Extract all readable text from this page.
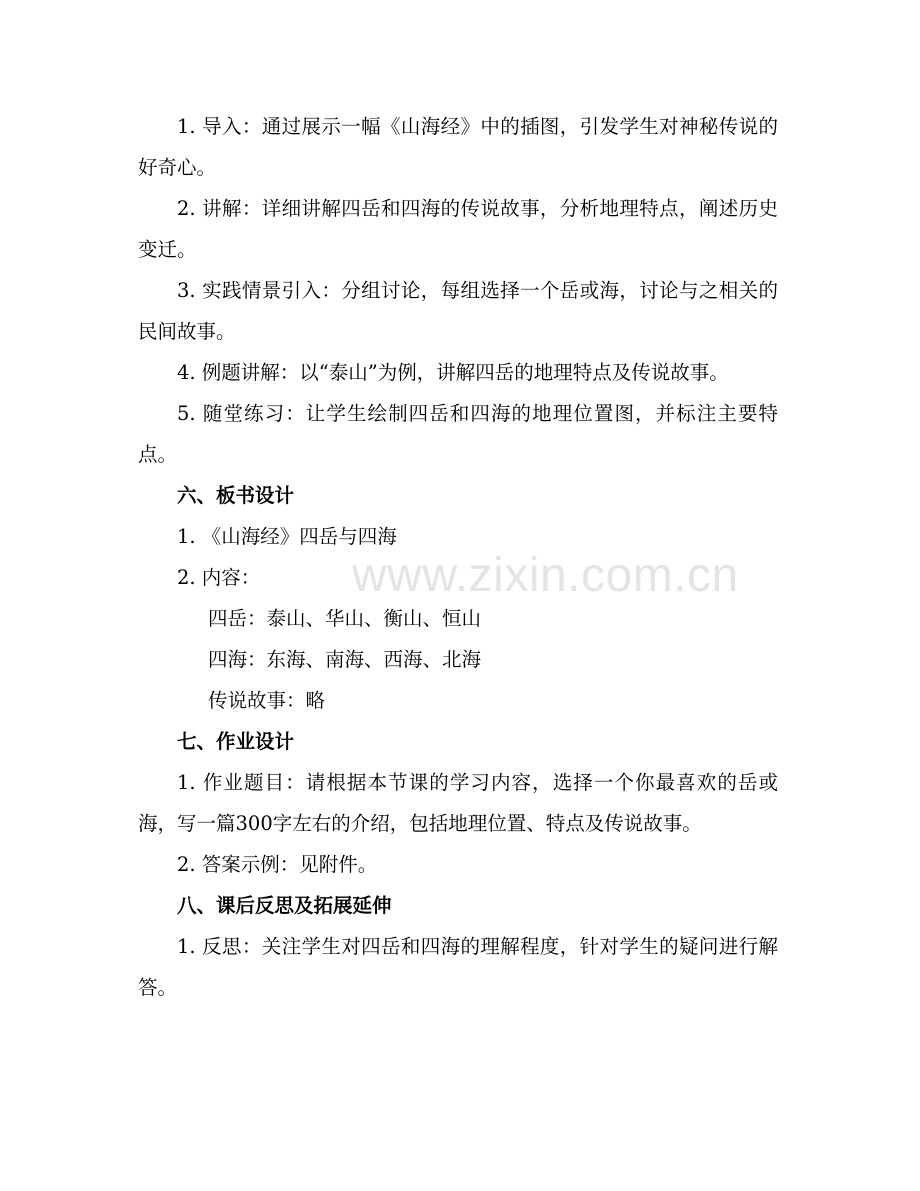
www.zixin.com.cn

1. 导入：通过展示一幅《山海经》中的插图，引发学生对神秘传说的好奇心。

2. 讲解：详细讲解四岳和四海的传说故事，分析地理特点，阐述历史变迁。

3. 实践情景引入：分组讨论，每组选择一个岳或海，讨论与之相关的民间故事。

4. 例题讲解：以“泰山”为例，讲解四岳的地理特点及传说故事。

5. 随堂练习：让学生绘制四岳和四海的地理位置图，并标注主要特点。

六、板书设计

1. 《山海经》四岳与四海

2. 内容：

四岳：泰山、华山、衡山、恒山

四海：东海、南海、西海、北海

传说故事：略

七、作业设计

1. 作业题目：请根据本节课的学习内容，选择一个你最喜欢的岳或海，写一篇300字左右的介绍，包括地理位置、特点及传说故事。

2. 答案示例：见附件。

八、课后反思及拓展延伸

1. 反思：关注学生对四岳和四海的理解程度，针对学生的疑问进行解答。
